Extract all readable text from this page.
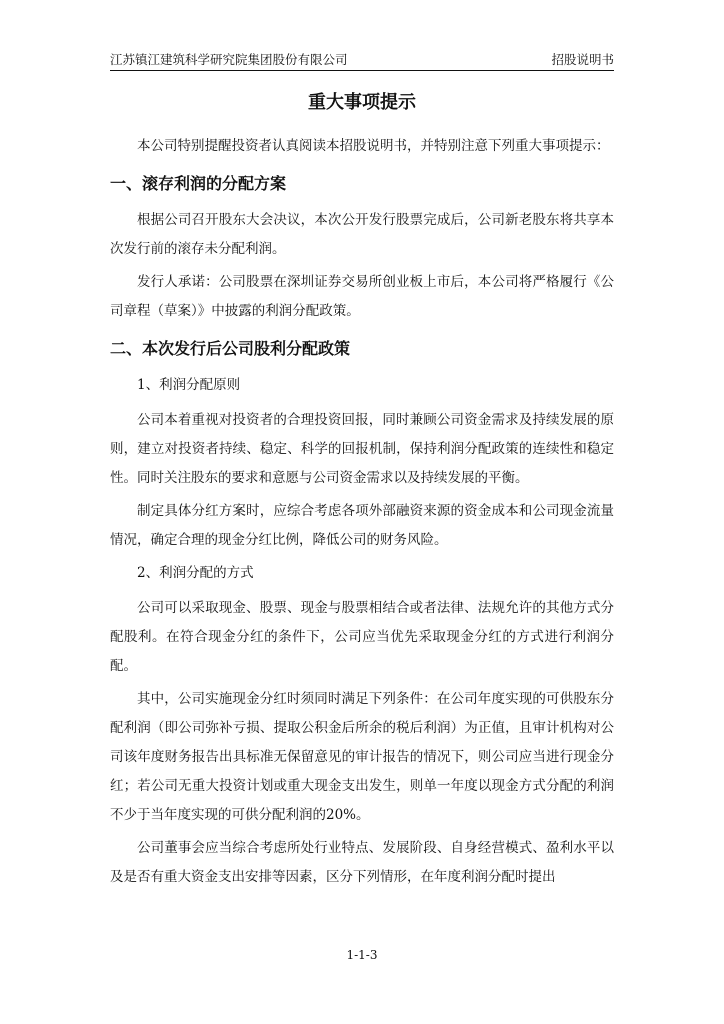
江苏镇江建筑科学研究院集团股份有限公司	招股说明书
重大事项提示

本公司特别提醒投资者认真阅读本招股说明书，并特别注意下列重大事项提示：

一、滚存利润的分配方案

根据公司召开股东大会决议，本次公开发行股票完成后，公司新老股东将共享本次发行前的滚存未分配利润。

发行人承诺：公司股票在深圳证券交易所创业板上市后，本公司将严格履行《公司章程（草案）》中披露的利润分配政策。

二、本次发行后公司股利分配政策
1、利润分配原则

公司本着重视对投资者的合理投资回报，同时兼顾公司资金需求及持续发展的原则，建立对投资者持续、稳定、科学的回报机制，保持利润分配政策的连续性和稳定性。同时关注股东的要求和意愿与公司资金需求以及持续发展的平衡。

制定具体分红方案时，应综合考虑各项外部融资来源的资金成本和公司现金流量情况，确定合理的现金分红比例，降低公司的财务风险。

2、利润分配的方式

公司可以采取现金、股票、现金与股票相结合或者法律、法规允许的其他方式分配股利。在符合现金分红的条件下，公司应当优先采取现金分红的方式进行利润分配。

其中，公司实施现金分红时须同时满足下列条件：在公司年度实现的可供股东分配利润（即公司弥补亏损、提取公积金后所余的税后利润）为正值，且审计机构对公司该年度财务报告出具标准无保留意见的审计报告的情况下，则公司应当进行现金分红；若公司无重大投资计划或重大现金支出发生，则单一年度以现金方式分配的利润不少于当年度实现的可供分配利润的20%。

公司董事会应当综合考虑所处行业特点、发展阶段、自身经营模式、盈利水平以及是否有重大资金支出安排等因素，区分下列情形，在年度利润分配时提出

1-1-3
